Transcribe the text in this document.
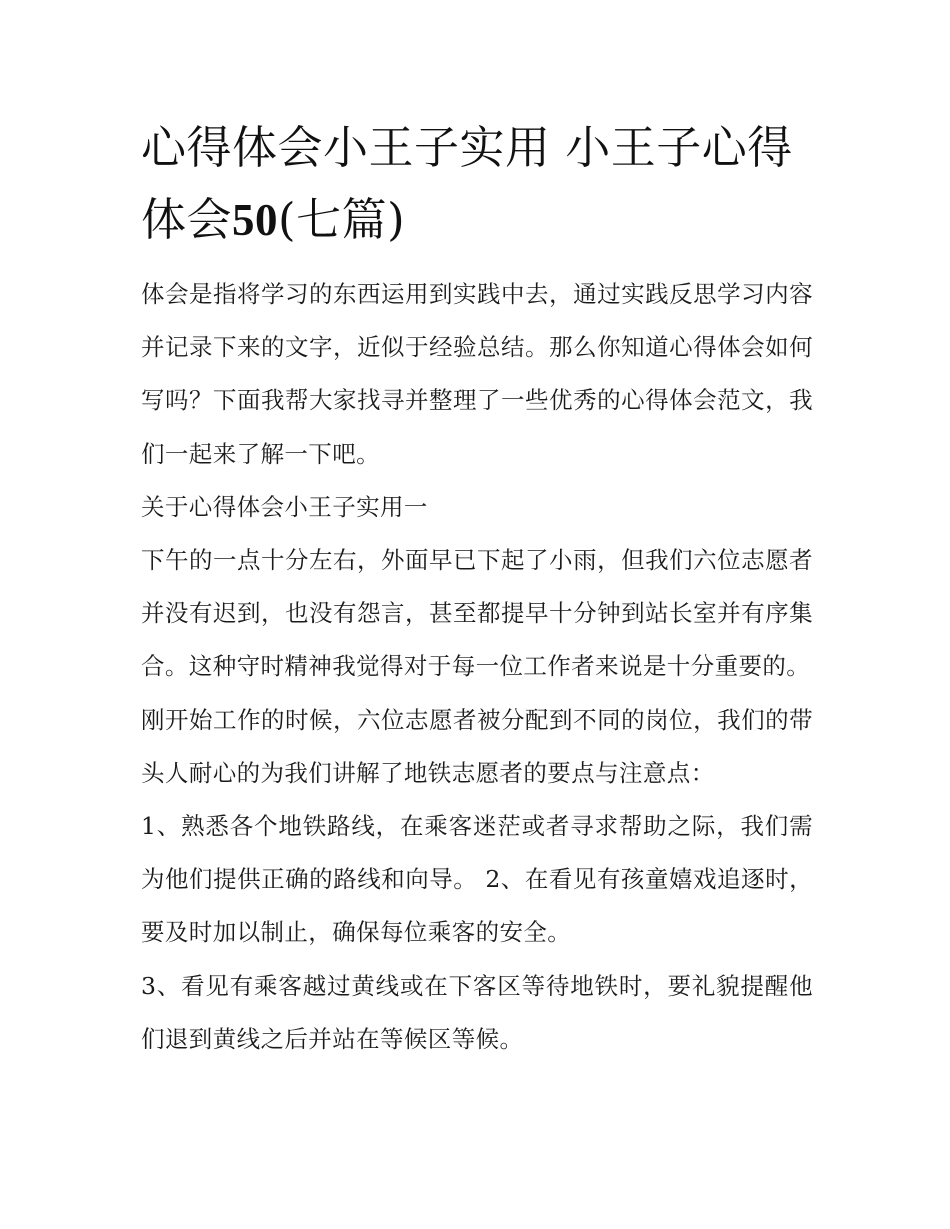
心得体会小王子实用 小王子心得体会50(七篇)

体会是指将学习的东西运用到实践中去，通过实践反思学习内容并记录下来的文字，近似于经验总结。那么你知道心得体会如何写吗？下面我帮大家找寻并整理了一些优秀的心得体会范文，我们一起来了解一下吧。

关于心得体会小王子实用一

下午的一点十分左右，外面早已下起了小雨，但我们六位志愿者并没有迟到，也没有怨言，甚至都提早十分钟到站长室并有序集合。这种守时精神我觉得对于每一位工作者来说是十分重要的。

刚开始工作的时候，六位志愿者被分配到不同的岗位，我们的带头人耐心的为我们讲解了地铁志愿者的要点与注意点：

1、熟悉各个地铁路线，在乘客迷茫或者寻求帮助之际，我们需为他们提供正确的路线和向导。 2、在看见有孩童嬉戏追逐时，要及时加以制止，确保每位乘客的安全。

3、看见有乘客越过黄线或在下客区等待地铁时，要礼貌提醒他们退到黄线之后并站在等候区等候。
